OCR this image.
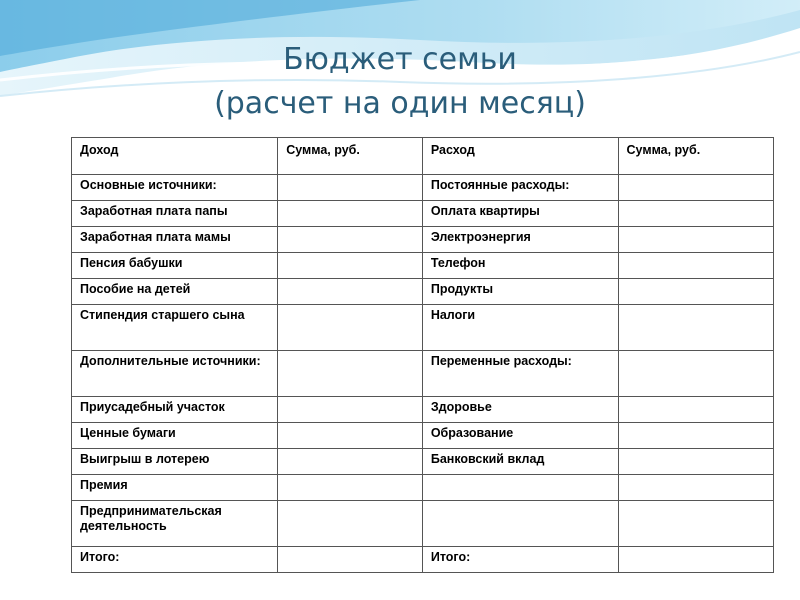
Бюджет семьи
(расчет на один месяц)
Доход	Сумма, руб.	Расход	Сумма, руб.
Основные источники:		Постоянные расходы:	
Заработная плата папы		Оплата квартиры	
Заработная плата мамы		Электроэнергия	
Пенсия бабушки		Телефон	
Пособие на детей		Продукты	
Стипендия старшего сына		Налоги	
Дополнительные источники:		Переменные расходы:	
Приусадебный участок		Здоровье	
Ценные бумаги		Образование	
Выигрыш в лотерею		Банковский вклад	
Премия			
Предпринимательская деятельность			
Итого:		Итого:	
